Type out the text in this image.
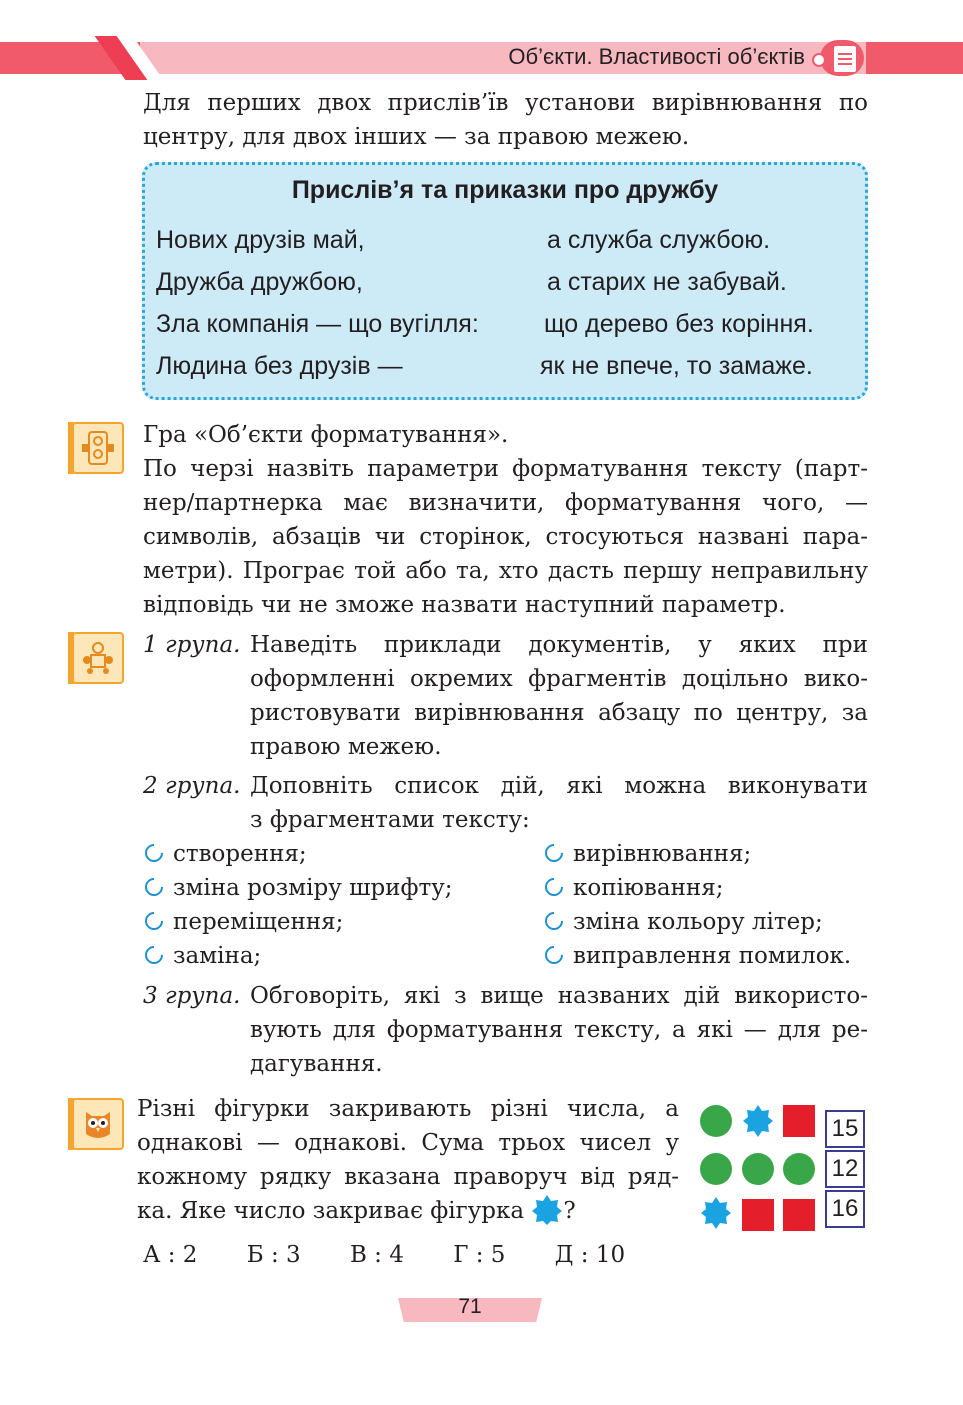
Об’єкти. Властивості об’єктів
Для перших двох прислів’їв установи вирівнювання по
центру, для двох інших — за правою межею.
Прислів’я та приказки про дружбу
Нових друзів май,	а служба службою.
Дружба дружбою,	а старих не забувай.
Зла компанія — що вугілля:	що дерево без коріння.
Людина без друзів —	як не впече, то замаже.
Гра «Об’єкти форматування».
По черзі назвіть параметри форматування тексту (парт-
нер/партнерка має визначити, форматування чого, —
символів, абзаців чи сторінок, стосуються названі пара-
метри). Програє той або та, хто дасть першу неправильну
відповідь чи не зможе назвати наступний параметр.
1 група. Наведіть приклади документів, у яких при
оформленні окремих фрагментів доцільно вико-
ристовувати вирівнювання абзацу по центру, за
правою межею.
2 група. Доповніть список дій, які можна виконувати
з фрагментами тексту:
створення;
зміна розміру шрифту;
переміщення;
заміна;
вирівнювання;
копіювання;
зміна кольору літер;
виправлення помилок.
3 група. Обговоріть, які з вище названих дій використо-
вують для форматування тексту, а які — для ре-
дагування.
Різні фігурки закривають різні числа, а
однакові — однакові. Сума трьох чисел у
кожному рядку вказана праворуч від ряд-
ка. Яке число закриває фігурка ?
15
12
16
А : 2 Б : 3 В : 4 Г : 5 Д : 10
71
